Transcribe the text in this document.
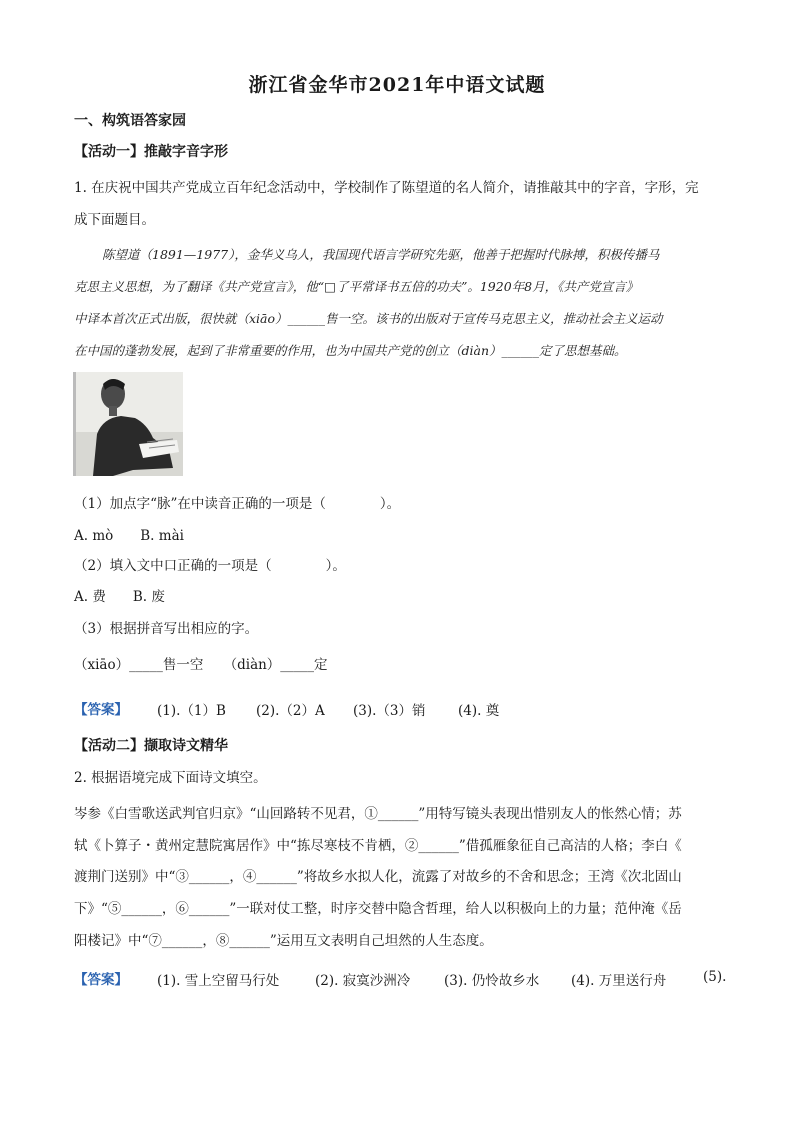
浙江省金华市2021年中语文试题
一、构筑语答家园
【活动一】推敲字音字形
1. 在庆祝中国共产党成立百年纪念活动中，学校制作了陈望道的名人简介，请推敲其中的字音，字形，完
成下面题目。
陈望道（1891—1977），金华义乌人，我国现代语言学研究先驱，他善于把握时代脉搏，积极传播马
克思主义思想，为了翻译《共产党宣言》，他“□了平常译书五倍的功夫”。1920年8月，《共产党宣言》
中译本首次正式出版，很快就（xiāo）______售一空。该书的出版对于宣传马克思主义，推动社会主义运动
在中国的蓬勃发展，起到了非常重要的作用，也为中国共产党的创立（diàn）______定了思想基础。
（1）加点字“脉”在中读音正确的一项是（　　　　）。
A. mò　　B. mài
（2）填入文中口正确的一项是（　　　　）。
A. 费　　B. 废
（3）根据拼音写出相应的字。
（xiāo）_____售一空　　（diàn）_____定
【答案】 (1).（1）B (2).（2）A (3).（3）销 (4). 奠
【活动二】撷取诗文精华
2. 根据语境完成下面诗文填空。
岑参《白雪歌送武判官归京》“山回路转不见君，①______”用特写镜头表现出惜别友人的怅然心情；苏
轼《卜算子・黄州定慧院寓居作》中“拣尽寒枝不肯栖，②______”借孤雁象征自己高洁的人格；李白《
渡荆门送别》中“③______，④______”将故乡水拟人化，流露了对故乡的不舍和思念；王湾《次北固山
下》“⑤______，⑥______”一联对仗工整，时序交替中隐含哲理，给人以积极向上的力量；范仲淹《岳
阳楼记》中“⑦______，⑧______”运用互文表明自己坦然的人生态度。
【答案】 (1). 雪上空留马行处	(2). 寂寞沙洲冷	(3). 仍怜故乡水 (4). 万里送行舟	(5).
